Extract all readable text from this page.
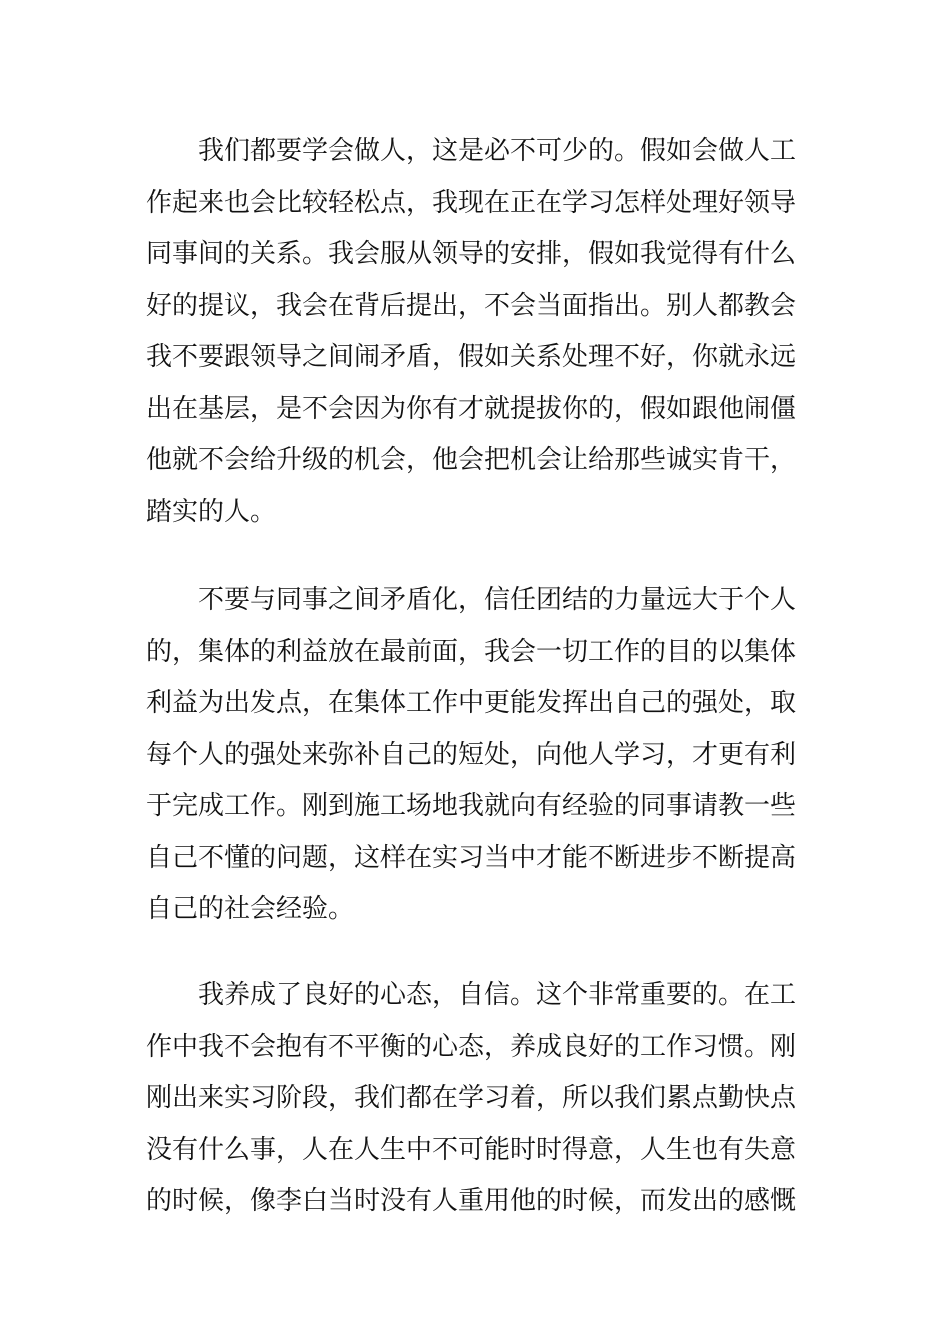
　　我们都要学会做人，这是必不可少的。假如会做人工
作起来也会比较轻松点，我现在正在学习怎样处理好领导
同事间的关系。我会服从领导的安排，假如我觉得有什么
好的提议，我会在背后提出，不会当面指出。别人都教会
我不要跟领导之间闹矛盾，假如关系处理不好，你就永远
出在基层，是不会因为你有才就提拔你的，假如跟他闹僵
他就不会给升级的机会，他会把机会让给那些诚实肯干，
踏实的人。
　　不要与同事之间矛盾化，信任团结的力量远大于个人
的，集体的利益放在最前面，我会一切工作的目的以集体
利益为出发点，在集体工作中更能发挥出自己的强处，取
每个人的强处来弥补自己的短处，向他人学习，才更有利
于完成工作。刚到施工场地我就向有经验的同事请教一些
自己不懂的问题，这样在实习当中才能不断进步不断提高
自己的社会经验。
　　我养成了良好的心态，自信。这个非常重要的。在工
作中我不会抱有不平衡的心态，养成良好的工作习惯。刚
刚出来实习阶段，我们都在学习着，所以我们累点勤快点
没有什么事，人在人生中不可能时时得意，人生也有失意
的时候，像李白当时没有人重用他的时候，而发出的感慨
